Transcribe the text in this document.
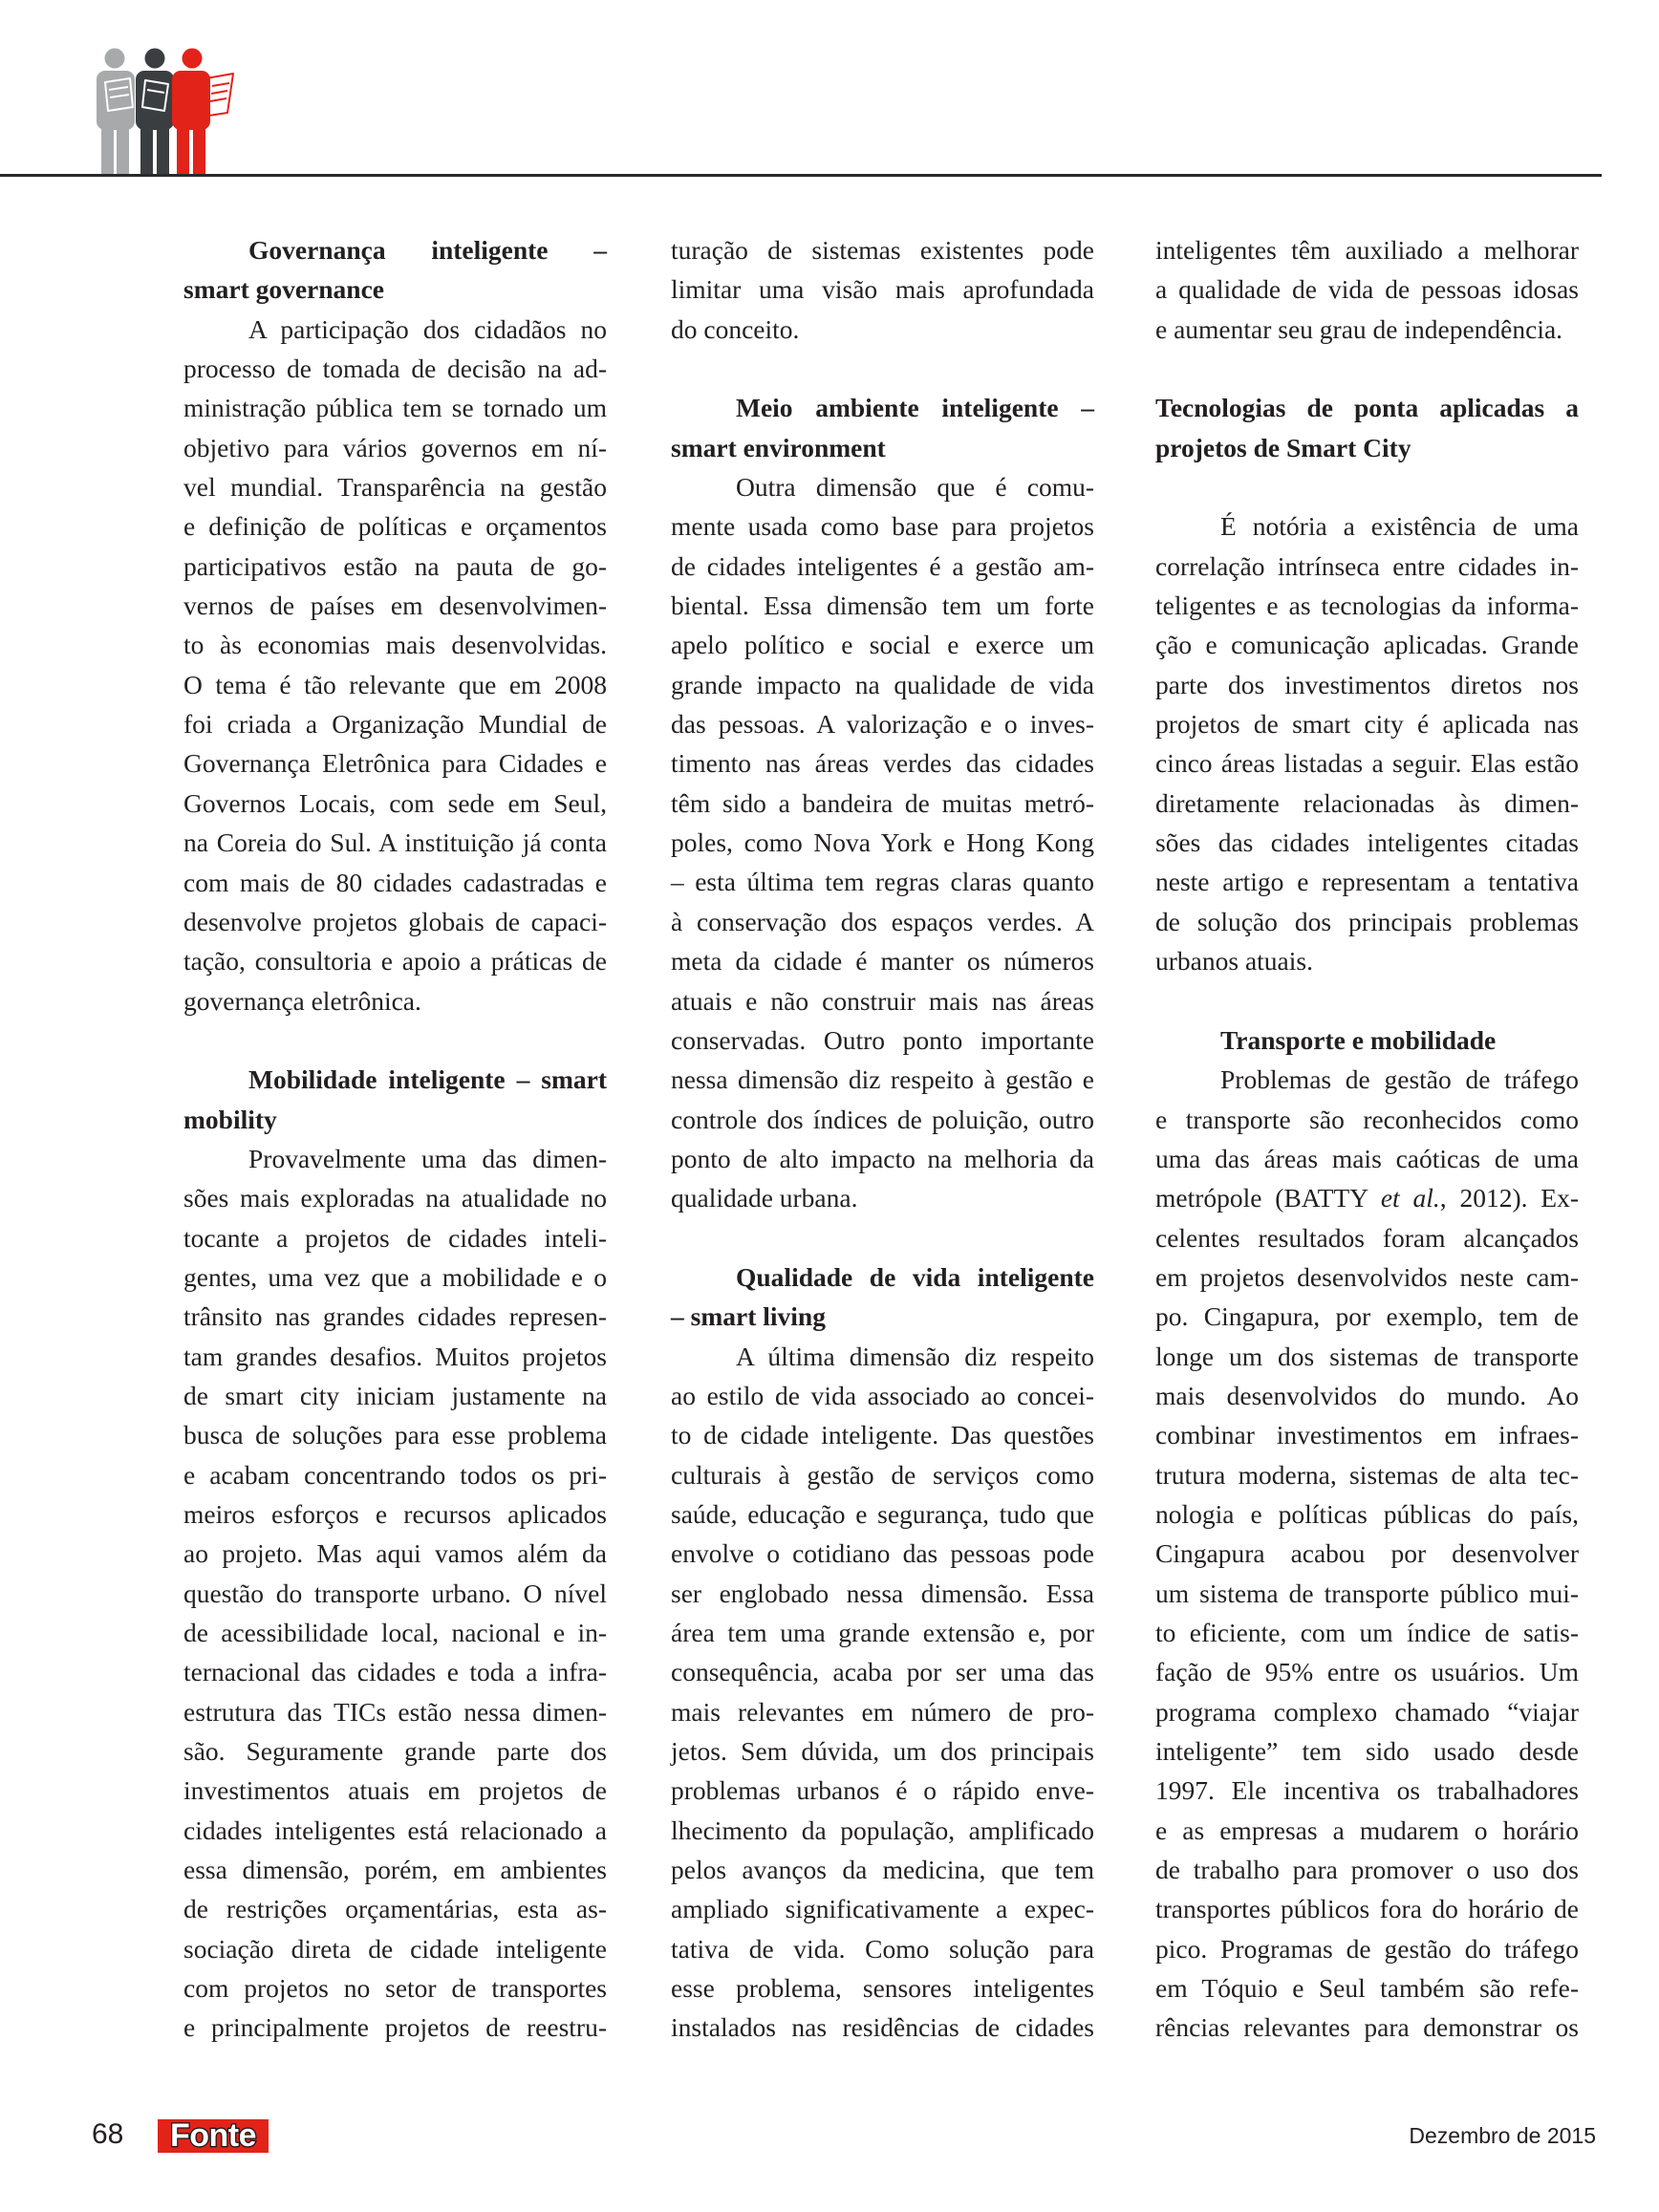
Governança inteligente –
smart governance
A participação dos cidadãos no
processo de tomada de decisão na ad-
ministração pública tem se tornado um
objetivo para vários governos em ní-
vel mundial. Transparência na gestão
e definição de políticas e orçamentos
participativos estão na pauta de go-
vernos de países em desenvolvimen-
to às economias mais desenvolvidas.
O tema é tão relevante que em 2008
foi criada a Organização Mundial de
Governança Eletrônica para Cidades e
Governos Locais, com sede em Seul,
na Coreia do Sul. A instituição já conta
com mais de 80 cidades cadastradas e
desenvolve projetos globais de capaci-
tação, consultoria e apoio a práticas de
governança eletrônica.
Mobilidade inteligente – smart
mobility
Provavelmente uma das dimen-
sões mais exploradas na atualidade no
tocante a projetos de cidades inteli-
gentes, uma vez que a mobilidade e o
trânsito nas grandes cidades represen-
tam grandes desafios. Muitos projetos
de smart city iniciam justamente na
busca de soluções para esse problema
e acabam concentrando todos os pri-
meiros esforços e recursos aplicados
ao projeto. Mas aqui vamos além da
questão do transporte urbano. O nível
de acessibilidade local, nacional e in-
ternacional das cidades e toda a infra-
estrutura das TICs estão nessa dimen-
são. Seguramente grande parte dos
investimentos atuais em projetos de
cidades inteligentes está relacionado a
essa dimensão, porém, em ambientes
de restrições orçamentárias, esta as-
sociação direta de cidade inteligente
com projetos no setor de transportes
e principalmente projetos de reestru-
turação de sistemas existentes pode
limitar uma visão mais aprofundada
do conceito.
Meio ambiente inteligente –
smart environment
Outra dimensão que é comu-
mente usada como base para projetos
de cidades inteligentes é a gestão am-
biental. Essa dimensão tem um forte
apelo político e social e exerce um
grande impacto na qualidade de vida
das pessoas. A valorização e o inves-
timento nas áreas verdes das cidades
têm sido a bandeira de muitas metró-
poles, como Nova York e Hong Kong
– esta última tem regras claras quanto
à conservação dos espaços verdes. A
meta da cidade é manter os números
atuais e não construir mais nas áreas
conservadas. Outro ponto importante
nessa dimensão diz respeito à gestão e
controle dos índices de poluição, outro
ponto de alto impacto na melhoria da
qualidade urbana.
Qualidade de vida inteligente
– smart living
A última dimensão diz respeito
ao estilo de vida associado ao concei-
to de cidade inteligente. Das questões
culturais à gestão de serviços como
saúde, educação e segurança, tudo que
envolve o cotidiano das pessoas pode
ser englobado nessa dimensão. Essa
área tem uma grande extensão e, por
consequência, acaba por ser uma das
mais relevantes em número de pro-
jetos. Sem dúvida, um dos principais
problemas urbanos é o rápido enve-
lhecimento da população, amplificado
pelos avanços da medicina, que tem
ampliado significativamente a expec-
tativa de vida. Como solução para
esse problema, sensores inteligentes
instalados nas residências de cidades
inteligentes têm auxiliado a melhorar
a qualidade de vida de pessoas idosas
e aumentar seu grau de independência.
Tecnologias de ponta aplicadas a
projetos de Smart City
É notória a existência de uma
correlação intrínseca entre cidades in-
teligentes e as tecnologias da informa-
ção e comunicação aplicadas. Grande
parte dos investimentos diretos nos
projetos de smart city é aplicada nas
cinco áreas listadas a seguir. Elas estão
diretamente relacionadas às dimen-
sões das cidades inteligentes citadas
neste artigo e representam a tentativa
de solução dos principais problemas
urbanos atuais.
Transporte e mobilidade
Problemas de gestão de tráfego
e transporte são reconhecidos como
uma das áreas mais caóticas de uma
metrópole (BATTY et al., 2012). Ex-
celentes resultados foram alcançados
em projetos desenvolvidos neste cam-
po. Cingapura, por exemplo, tem de
longe um dos sistemas de transporte
mais desenvolvidos do mundo. Ao
combinar investimentos em infraes-
trutura moderna, sistemas de alta tec-
nologia e políticas públicas do país,
Cingapura acabou por desenvolver
um sistema de transporte público mui-
to eficiente, com um índice de satis-
fação de 95% entre os usuários. Um
programa complexo chamado “viajar
inteligente” tem sido usado desde
1997. Ele incentiva os trabalhadores
e as empresas a mudarem o horário
de trabalho para promover o uso dos
transportes públicos fora do horário de
pico. Programas de gestão do tráfego
em Tóquio e Seul também são refe-
rências relevantes para demonstrar os
68 Fonte	Dezembro de 2015
